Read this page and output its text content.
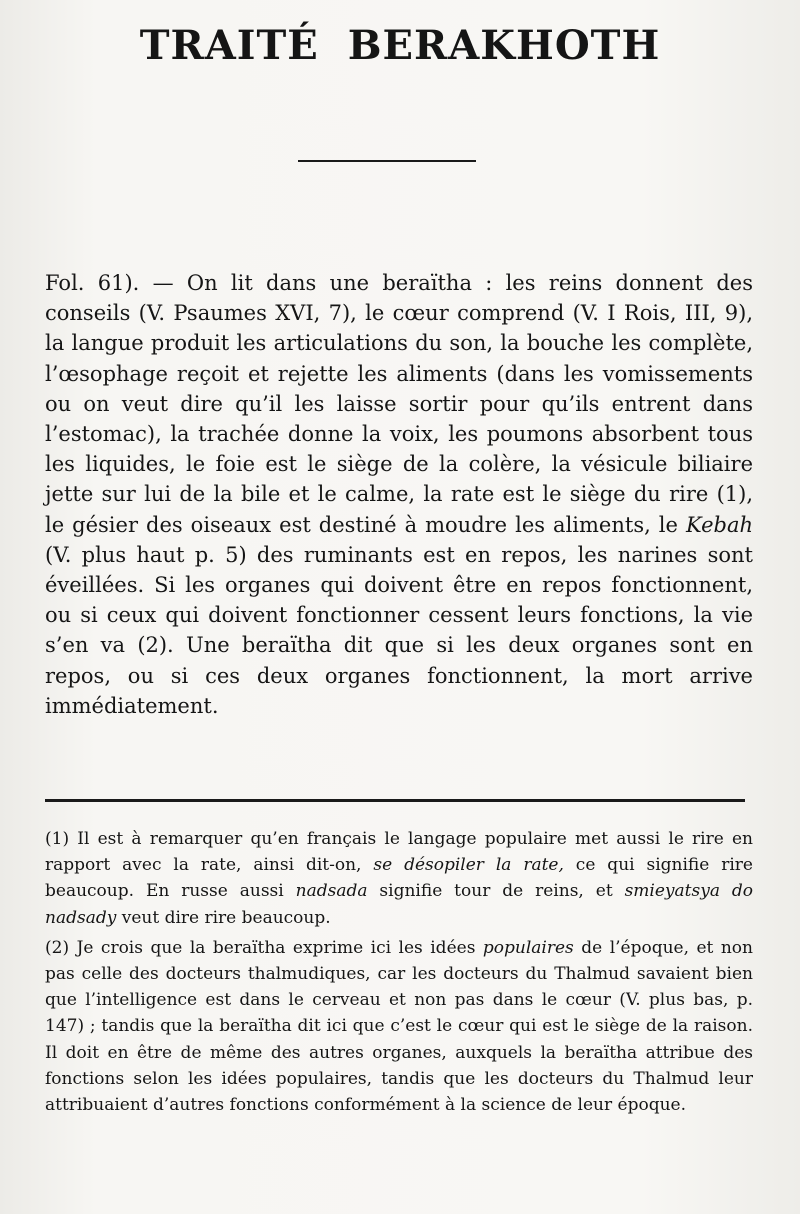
TRAITÉ BERAKHOTH

Fol. 61). — On lit dans une beraïtha : les reins donnent des conseils (V. Psaumes XVI, 7), le cœur comprend (V. I Rois, III, 9), la langue produit les articulations du son, la bouche les complète, l’œsophage reçoit et rejette les aliments (dans les vomissements ou on veut dire qu’il les laisse sortir pour qu’ils entrent dans l’estomac), la trachée donne la voix, les poumons absorbent tous les liquides, le foie est le siège de la colère, la vésicule biliaire jette sur lui de la bile et le calme, la rate est le siège du rire (1), le gésier des oiseaux est destiné à moudre les aliments, le Kebah (V. plus haut p. 5) des ruminants est en repos, les narines sont éveillées. Si les organes qui doivent être en repos fonctionnent, ou si ceux qui doivent fonctionner cessent leurs fonctions, la vie s’en va (2). Une beraïtha dit que si les deux organes sont en repos, ou si ces deux organes fonctionnent, la mort arrive immédiatement.

(1) Il est à remarquer qu’en français le langage populaire met aussi le rire en rapport avec la rate, ainsi dit-on, se désopiler la rate, ce qui signifie rire beaucoup. En russe aussi nadsada signifie tour de reins, et smieyatsya do nadsady veut dire rire beaucoup.

(2) Je crois que la beraïtha exprime ici les idées populaires de l’époque, et non pas celle des docteurs thalmudiques, car les docteurs du Thalmud savaient bien que l’intelligence est dans le cerveau et non pas dans le cœur (V. plus bas, p. 147) ; tandis que la beraïtha dit ici que c’est le cœur qui est le siège de la raison. Il doit en être de même des autres organes, auxquels la beraïtha attribue des fonctions selon les idées populaires, tandis que les docteurs du Thalmud leur attribuaient d’autres fonctions conformément à la science de leur époque.
